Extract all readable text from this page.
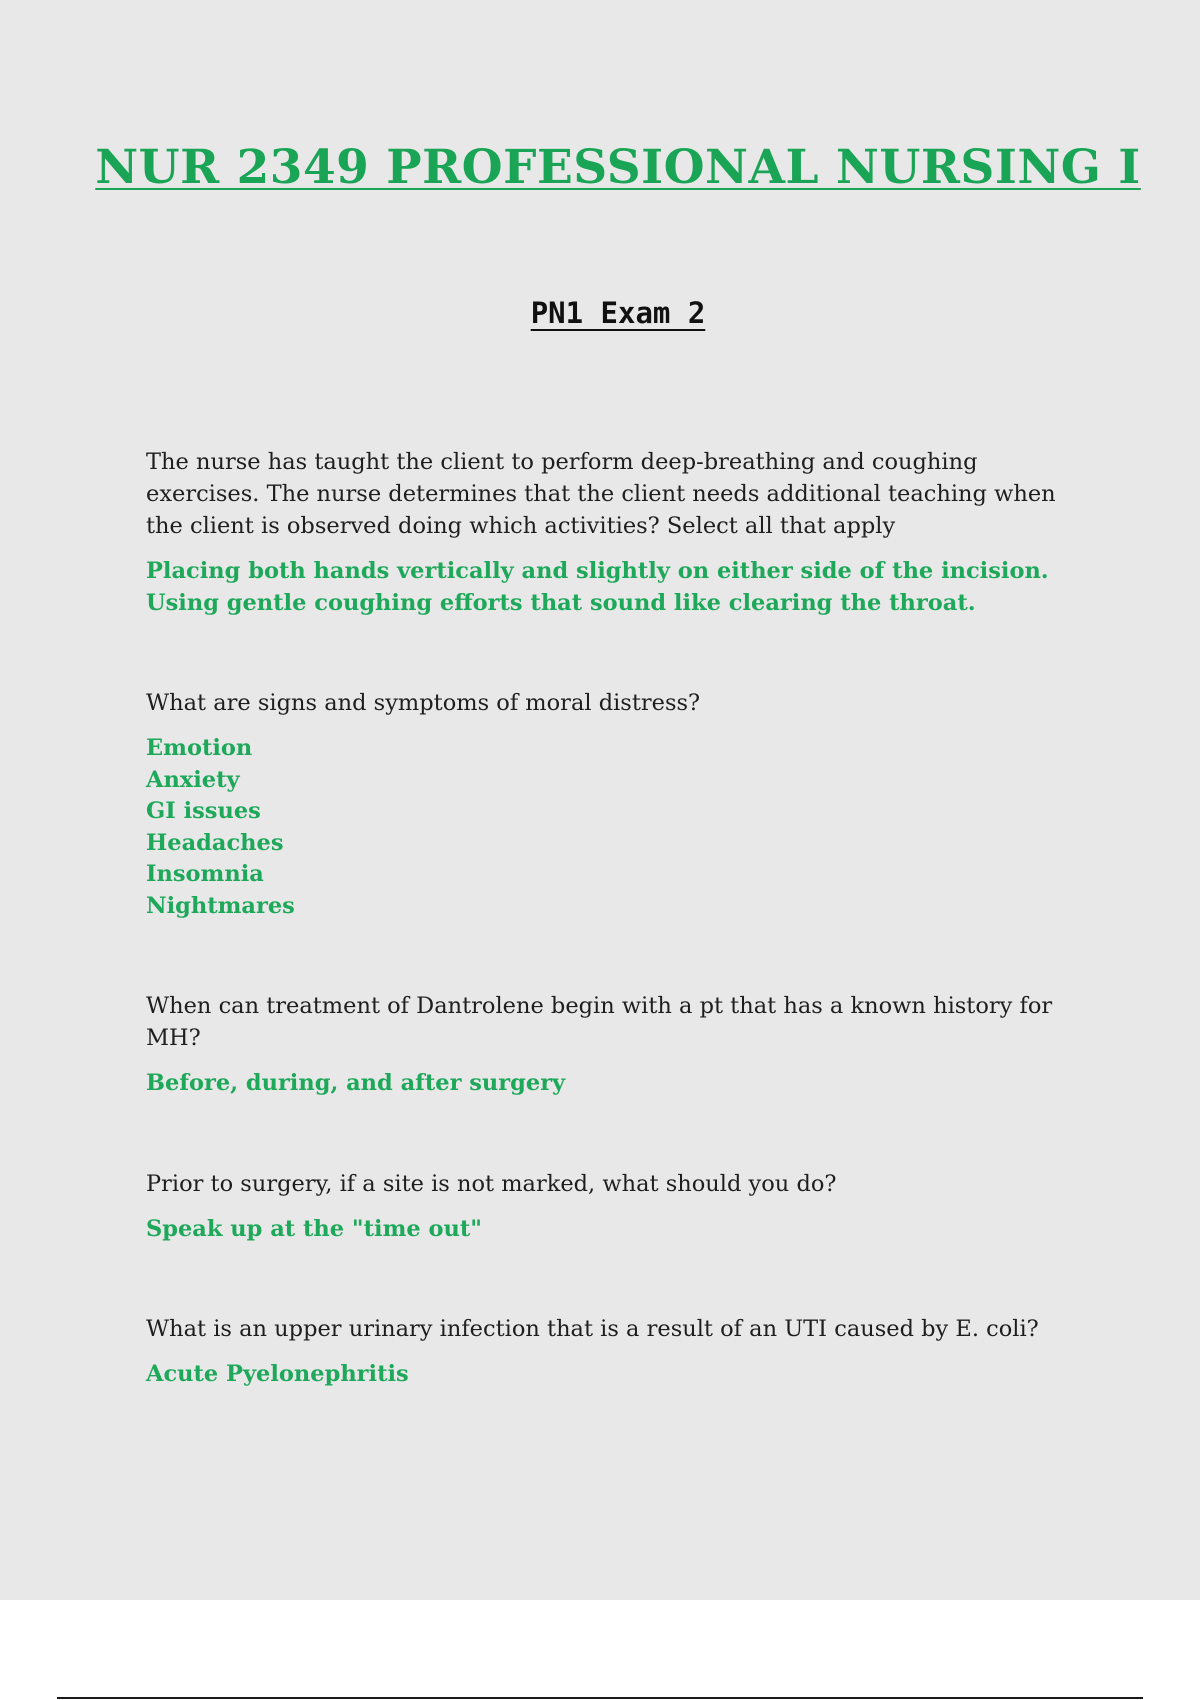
NUR 2349 PROFESSIONAL NURSING I
PN1 Exam 2

The nurse has taught the client to perform deep-breathing and coughing exercises. The nurse determines that the client needs additional teaching when the client is observed doing which activities? Select all that apply

Placing both hands vertically and slightly on either side of the incision.
Using gentle coughing efforts that sound like clearing the throat.

What are signs and symptoms of moral distress?

Emotion
Anxiety
GI issues
Headaches
Insomnia
Nightmares

When can treatment of Dantrolene begin with a pt that has a known history for MH?

Before, during, and after surgery

Prior to surgery, if a site is not marked, what should you do?

Speak up at the "time out"

What is an upper urinary infection that is a result of an UTI caused by E. coli?

Acute Pyelonephritis
